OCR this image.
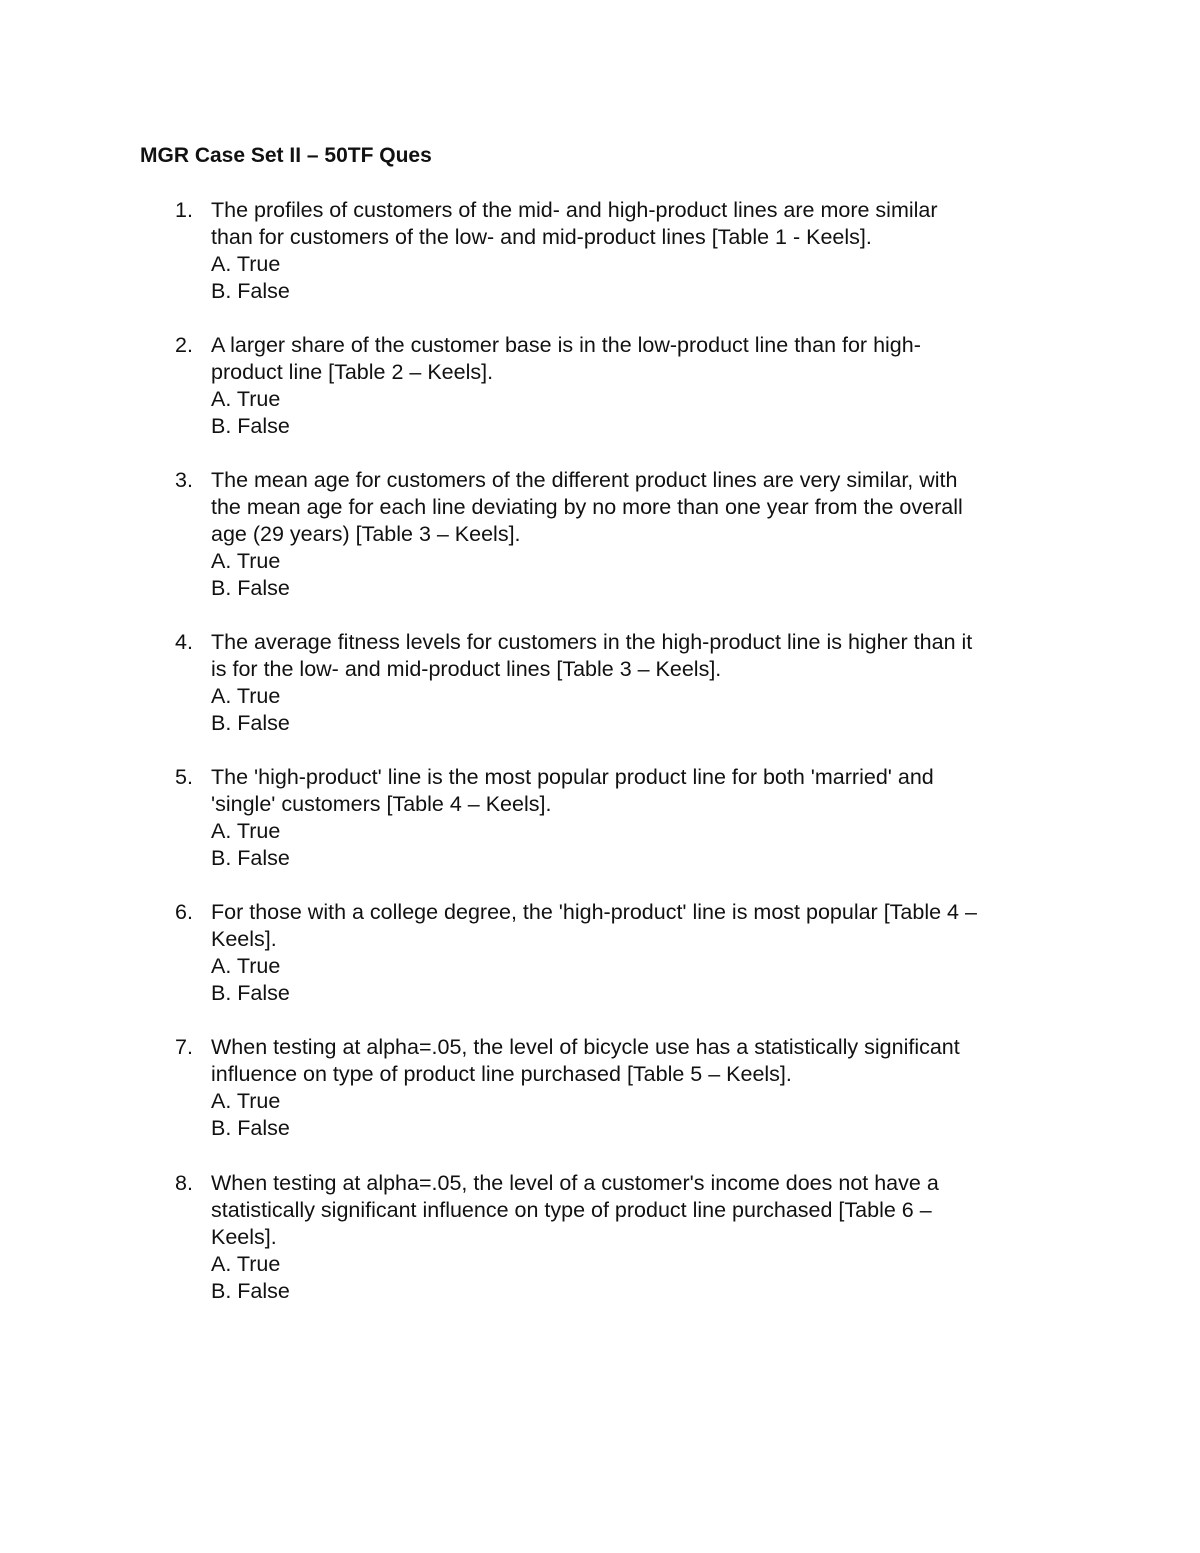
MGR Case Set II – 50TF Ques
1. The profiles of customers of the mid- and high-product lines are more similar
than for customers of the low- and mid-product lines [Table 1 - Keels].
A. True
B. False
2. A larger share of the customer base is in the low-product line than for high-
product line [Table 2 – Keels].
A. True
B. False
3. The mean age for customers of the different product lines are very similar, with
the mean age for each line deviating by no more than one year from the overall
age (29 years) [Table 3 – Keels].
A. True
B. False
4. The average fitness levels for customers in the high-product line is higher than it
is for the low- and mid-product lines [Table 3 – Keels].
A. True
B. False
5. The 'high-product' line is the most popular product line for both 'married' and
'single' customers [Table 4 – Keels].
A. True
B. False
6. For those with a college degree, the 'high-product' line is most popular [Table 4 –
Keels].
A. True
B. False
7. When testing at alpha=.05, the level of bicycle use has a statistically significant
influence on type of product line purchased [Table 5 – Keels].
A. True
B. False
8. When testing at alpha=.05, the level of a customer's income does not have a
statistically significant influence on type of product line purchased [Table 6 –
Keels].
A. True
B. False
